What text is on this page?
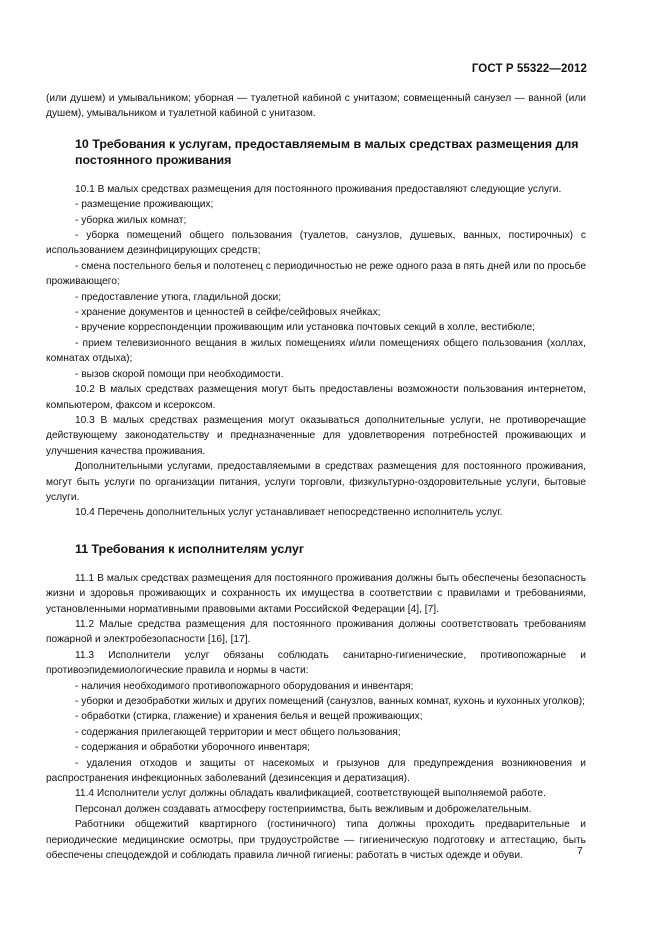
ГОСТ Р 55322—2012

(или душем) и умывальником; уборная — туалетной кабиной с унитазом; совмещенный санузел — ванной (или душем), умывальником и туалетной кабиной с унитазом.

10 Требования к услугам, предоставляемым в малых средствах размещения для постоянного проживания

10.1 В малых средствах размещения для постоянного проживания предоставляют следующие услуги.

- размещение проживающих;

- уборка жилых комнат;

- уборка помещений общего пользования (туалетов, санузлов, душевых, ванных, постирочных) с использованием дезинфицирующих средств;

- смена постельного белья и полотенец с периодичностью не реже одного раза в пять дней или по просьбе проживающего;

- предоставление утюга, гладильной доски;

- хранение документов и ценностей в сейфе/сейфовых ячейках;

- вручение корреспонденции проживающим или установка почтовых секций в холле, вестибюле;

- прием телевизионного вещания в жилых помещениях и/или помещениях общего пользования (холлах, комнатах отдыха);

- вызов скорой помощи при необходимости.

10.2 В малых средствах размещения могут быть предоставлены возможности пользования интернетом, компьютером, факсом и ксероксом.

10.3 В малых средствах размещения могут оказываться дополнительные услуги, не противоречащие действующему законодательству и предназначенные для удовлетворения потребностей проживающих и улучшения качества проживания.

Дополнительными услугами, предоставляемыми в средствах размещения для постоянного проживания, могут быть услуги по организации питания, услуги торговли, физкультурно-оздоровительные услуги, бытовые услуги.

10.4 Перечень дополнительных услуг устанавливает непосредственно исполнитель услуг.

11 Требования к исполнителям услуг

11.1 В малых средствах размещения для постоянного проживания должны быть обеспечены безопасность жизни и здоровья проживающих и сохранность их имущества в соответствии с правилами и требованиями, установленными нормативными правовыми актами Российской Федерации [4], [7].

11.2 Малые средства размещения для постоянного проживания должны соответствовать требованиям пожарной и электробезопасности [16], [17].

11.3 Исполнители услуг обязаны соблюдать санитарно-гигиенические, противопожарные и противоэпидемиологические правила и нормы в части:

- наличия необходимого противопожарного оборудования и инвентаря;

- уборки и дезобработки жилых и других помещений (санузлов, ванных комнат, кухонь и кухонных уголков);

- обработки (стирка, глажение) и хранения белья и вещей проживающих;

- содержания прилегающей территории и мест общего пользования;

- содержания и обработки уборочного инвентаря;

- удаления отходов и защиты от насекомых и грызунов для предупреждения возникновения и распространения инфекционных заболеваний (дезинсекция и дератизация).

11.4 Исполнители услуг должны обладать квалификацией, соответствующей выполняемой работе.

Персонал должен создавать атмосферу гостеприимства, быть вежливым и доброжелательным.

Работники общежитий квартирного (гостиничного) типа должны проходить предварительные и периодические медицинские осмотры, при трудоустройстве — гигиеническую подготовку и аттестацию, быть обеспечены спецодеждой и соблюдать правила личной гигиены: работать в чистых одежде и обуви.	7
